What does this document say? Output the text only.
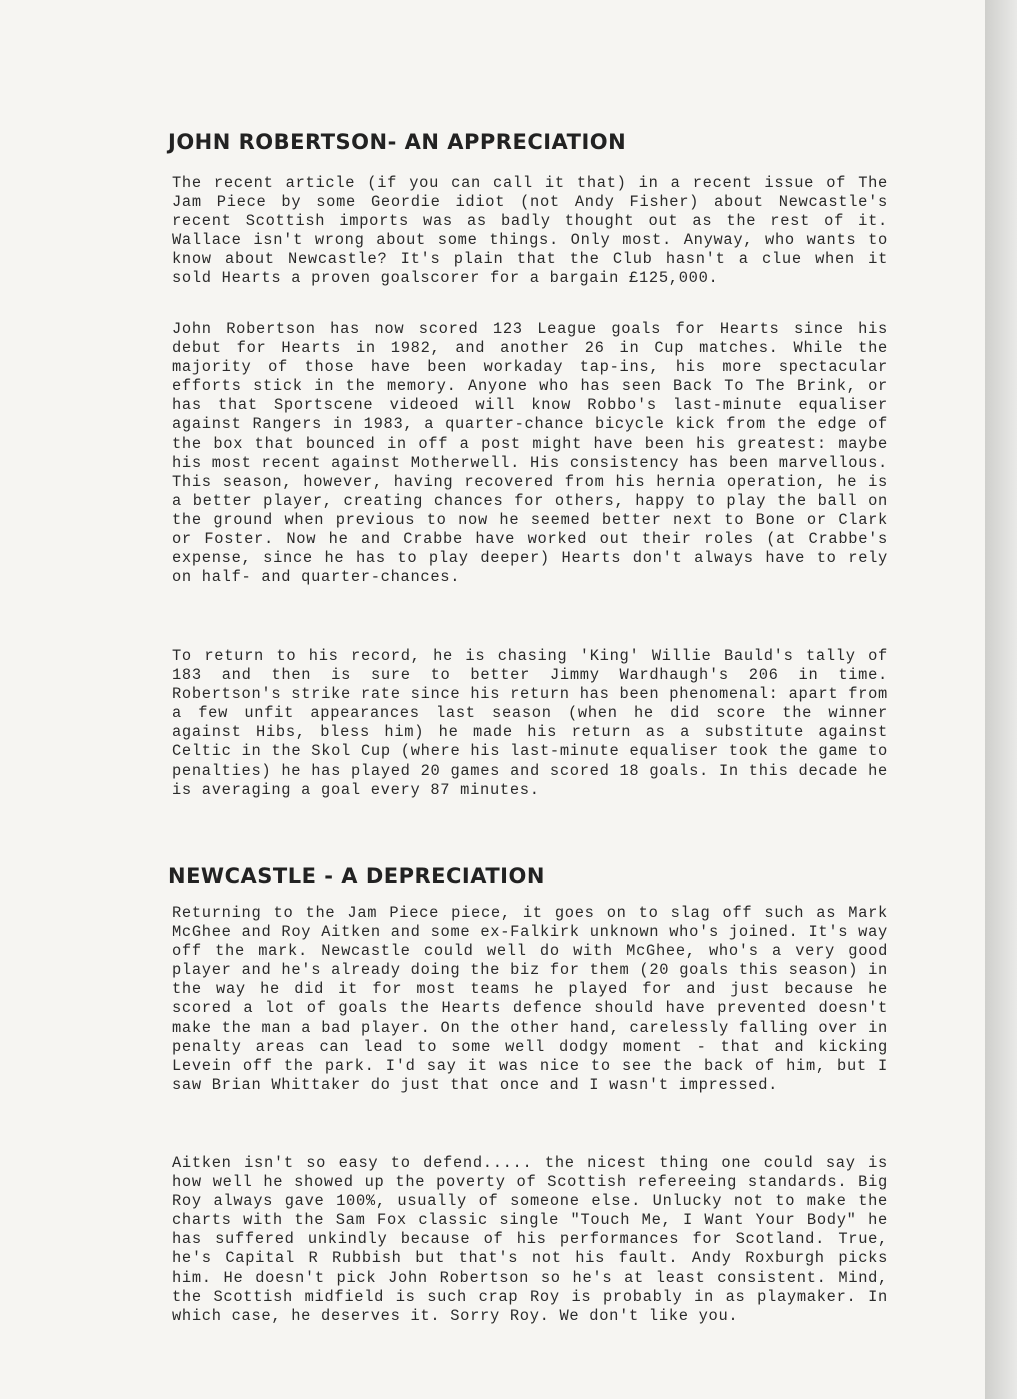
JOHN ROBERTSON- AN APPRECIATION

The recent article (if you can call it that) in a recent issue of The Jam Piece by some Geordie idiot (not Andy Fisher) about Newcastle's recent Scottish imports was as badly thought out as the rest of it. Wallace isn't wrong about some things. Only most. Anyway, who wants to know about Newcastle? It's plain that the Club hasn't a clue when it sold Hearts a proven goalscorer for a bargain £125,000.

John Robertson has now scored 123 League goals for Hearts since his debut for Hearts in 1982, and another 26 in Cup matches. While the majority of those have been workaday tap-ins, his more spectacular efforts stick in the memory. Anyone who has seen Back To The Brink, or has that Sportscene videoed will know Robbo's last-minute equaliser against Rangers in 1983, a quarter-chance bicycle kick from the edge of the box that bounced in off a post might have been his greatest: maybe his most recent against Motherwell. His consistency has been marvellous. This season, however, having recovered from his hernia operation, he is a better player, creating chances for others, happy to play the ball on the ground when previous to now he seemed better next to Bone or Clark or Foster. Now he and Crabbe have worked out their roles (at Crabbe's expense, since he has to play deeper) Hearts don't always have to rely on half- and quarter-chances.

To return to his record, he is chasing 'King' Willie Bauld's tally of 183 and then is sure to better Jimmy Wardhaugh's 206 in time. Robertson's strike rate since his return has been phenomenal: apart from a few unfit appearances last season (when he did score the winner against Hibs, bless him) he made his return as a substitute against Celtic in the Skol Cup (where his last-minute equaliser took the game to penalties) he has played 20 games and scored 18 goals. In this decade he is averaging a goal every 87 minutes.

NEWCASTLE - A DEPRECIATION

Returning to the Jam Piece piece, it goes on to slag off such as Mark McGhee and Roy Aitken and some ex-Falkirk unknown who's joined. It's way off the mark. Newcastle could well do with McGhee, who's a very good player and he's already doing the biz for them (20 goals this season) in the way he did it for most teams he played for and just because he scored a lot of goals the Hearts defence should have prevented doesn't make the man a bad player. On the other hand, carelessly falling over in penalty areas can lead to some well dodgy moment - that and kicking Levein off the park. I'd say it was nice to see the back of him, but I saw Brian Whittaker do just that once and I wasn't impressed.

Aitken isn't so easy to defend..... the nicest thing one could say is how well he showed up the poverty of Scottish refereeing standards. Big Roy always gave 100%, usually of someone else. Unlucky not to make the charts with the Sam Fox classic single "Touch Me, I Want Your Body" he has suffered unkindly because of his performances for Scotland. True, he's Capital R Rubbish but that's not his fault. Andy Roxburgh picks him. He doesn't pick John Robertson so he's at least consistent. Mind, the Scottish midfield is such crap Roy is probably in as playmaker. In which case, he deserves it. Sorry Roy. We don't like you.
